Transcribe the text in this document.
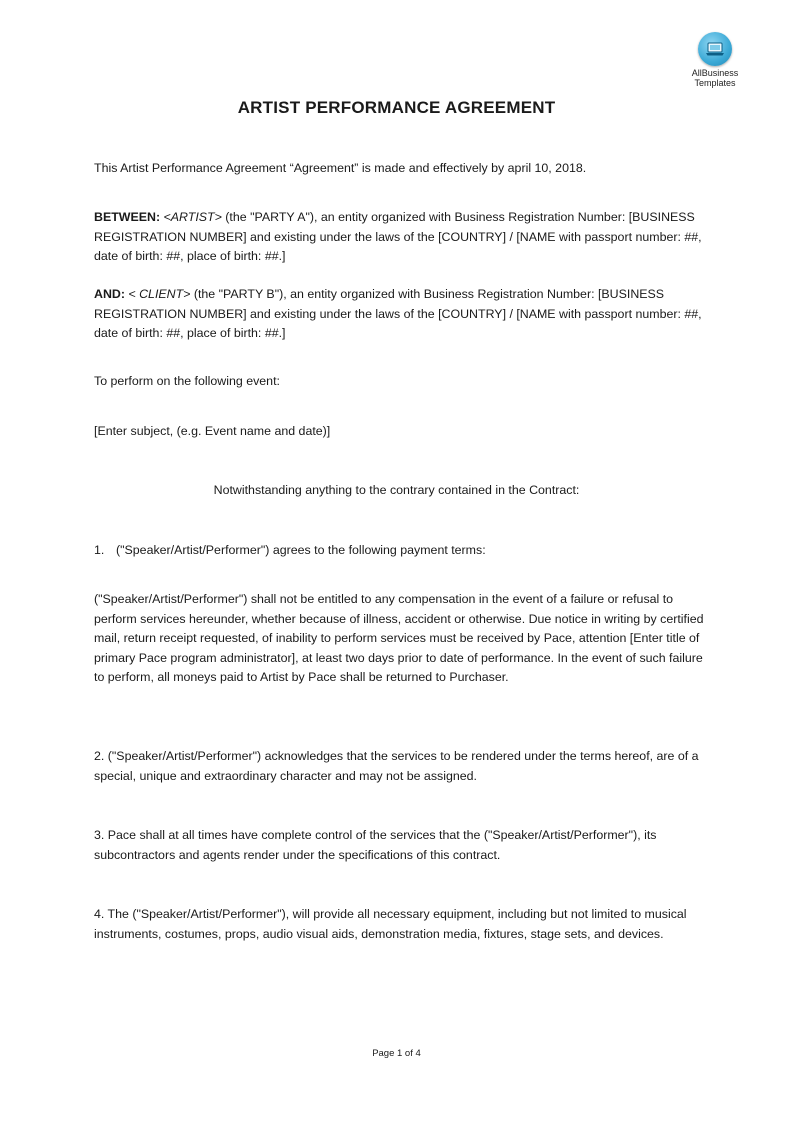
AllBusiness
Templates
ARTIST PERFORMANCE AGREEMENT

This Artist Performance Agreement “Agreement” is made and effectively by april 10, 2018.

BETWEEN: <ARTIST> (the "PARTY A"), an entity organized with Business Registration Number: [BUSINESS REGISTRATION NUMBER] and existing under the laws of the [COUNTRY] / [NAME with passport number: ##, date of birth: ##, place of birth: ##.]

AND: < CLIENT> (the "PARTY B"), an entity organized with Business Registration Number: [BUSINESS REGISTRATION NUMBER] and existing under the laws of the [COUNTRY] / [NAME with passport number: ##, date of birth: ##, place of birth: ##.]

To perform on the following event:

[Enter subject, (e.g. Event name and date)]

Notwithstanding anything to the contrary contained in the Contract:

1. ("Speaker/Artist/Performer") agrees to the following payment terms:

("Speaker/Artist/Performer") shall not be entitled to any compensation in the event of a failure or refusal to perform services hereunder, whether because of illness, accident or otherwise. Due notice in writing by certified mail, return receipt requested, of inability to perform services must be received by Pace, attention [Enter title of primary Pace program administrator], at least two days prior to date of performance. In the event of such failure to perform, all moneys paid to Artist by Pace shall be returned to Purchaser.

2. ("Speaker/Artist/Performer") acknowledges that the services to be rendered under the terms hereof, are of a special, unique and extraordinary character and may not be assigned.

3. Pace shall at all times have complete control of the services that the ("Speaker/Artist/Performer"), its subcontractors and agents render under the specifications of this contract.

4. The ("Speaker/Artist/Performer"), will provide all necessary equipment, including but not limited to musical instruments, costumes, props, audio visual aids, demonstration media, fixtures, stage sets, and devices.

Page 1 of 4
